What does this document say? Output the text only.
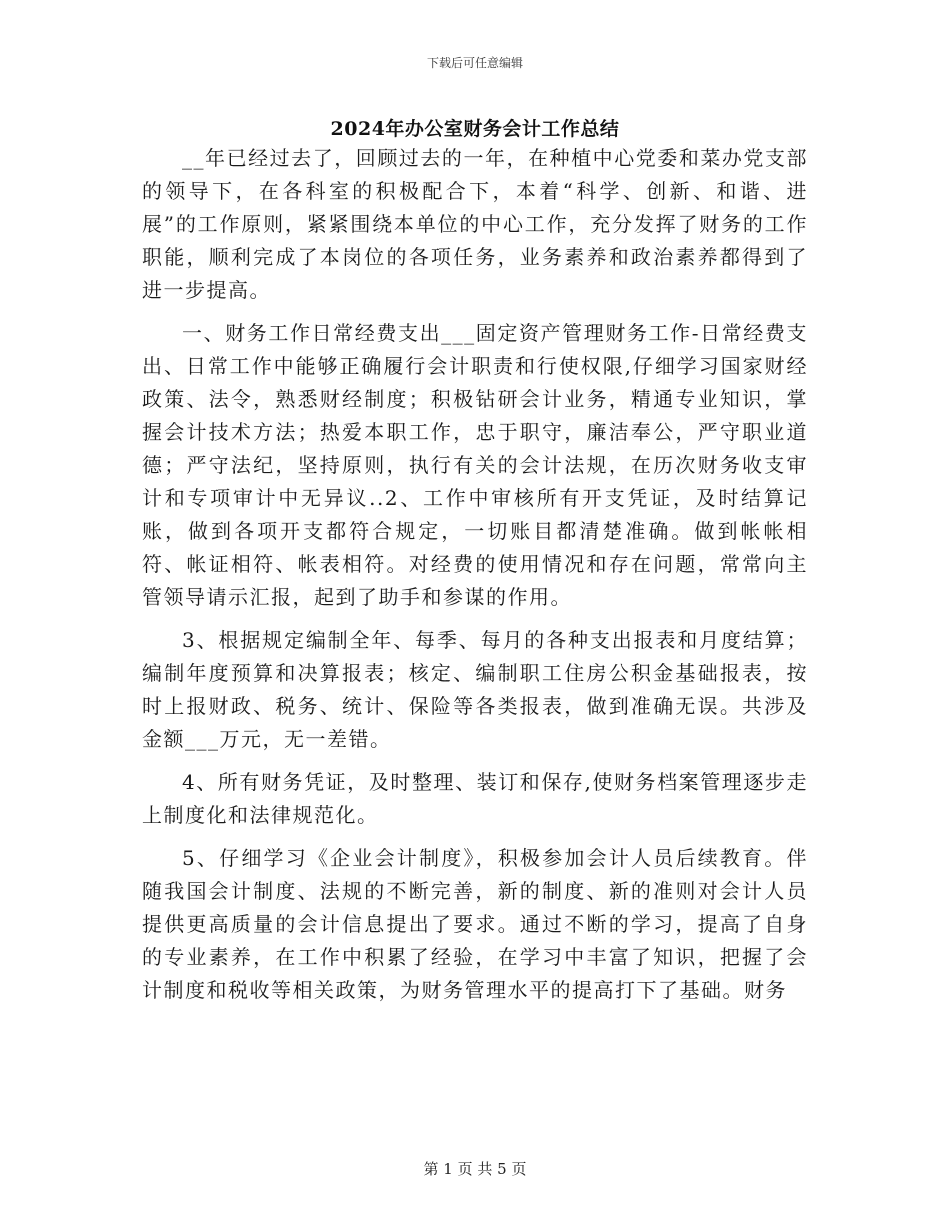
下载后可任意编辑
2024年办公室财务会计工作总结

__年已经过去了，回顾过去的一年，在种植中心党委和菜办党支部的领导下，在各科室的积极配合下，本着“科学、创新、和谐、进展”的工作原则，紧紧围绕本单位的中心工作，充分发挥了财务的工作职能，顺利完成了本岗位的各项任务，业务素养和政治素养都得到了进一步提高。

一、财务工作日常经费支出___固定资产管理财务工作-日常经费支出、日常工作中能够正确履行会计职责和行使权限,仔细学习国家财经政策、法令，熟悉财经制度；积极钻研会计业务，精通专业知识，掌握会计技术方法；热爱本职工作，忠于职守，廉洁奉公，严守职业道德；严守法纪，坚持原则，执行有关的会计法规，在历次财务收支审计和专项审计中无异议..2、工作中审核所有开支凭证，及时结算记账，做到各项开支都符合规定，一切账目都清楚准确。做到帐帐相符、帐证相符、帐表相符。对经费的使用情况和存在问题，常常向主管领导请示汇报，起到了助手和参谋的作用。

3、根据规定编制全年、每季、每月的各种支出报表和月度结算；编制年度预算和决算报表；核定、编制职工住房公积金基础报表，按时上报财政、税务、统计、保险等各类报表，做到准确无误。共涉及金额___万元，无一差错。

4、所有财务凭证，及时整理、装订和保存,使财务档案管理逐步走上制度化和法律规范化。

5、仔细学习《企业会计制度》，积极参加会计人员后续教育。伴随我国会计制度、法规的不断完善，新的制度、新的准则对会计人员提供更高质量的会计信息提出了要求。通过不断的学习，提高了自身的专业素养，在工作中积累了经验，在学习中丰富了知识，把握了会计制度和税收等相关政策，为财务管理水平的提高打下了基础。财务

第 1 页 共 5 页
